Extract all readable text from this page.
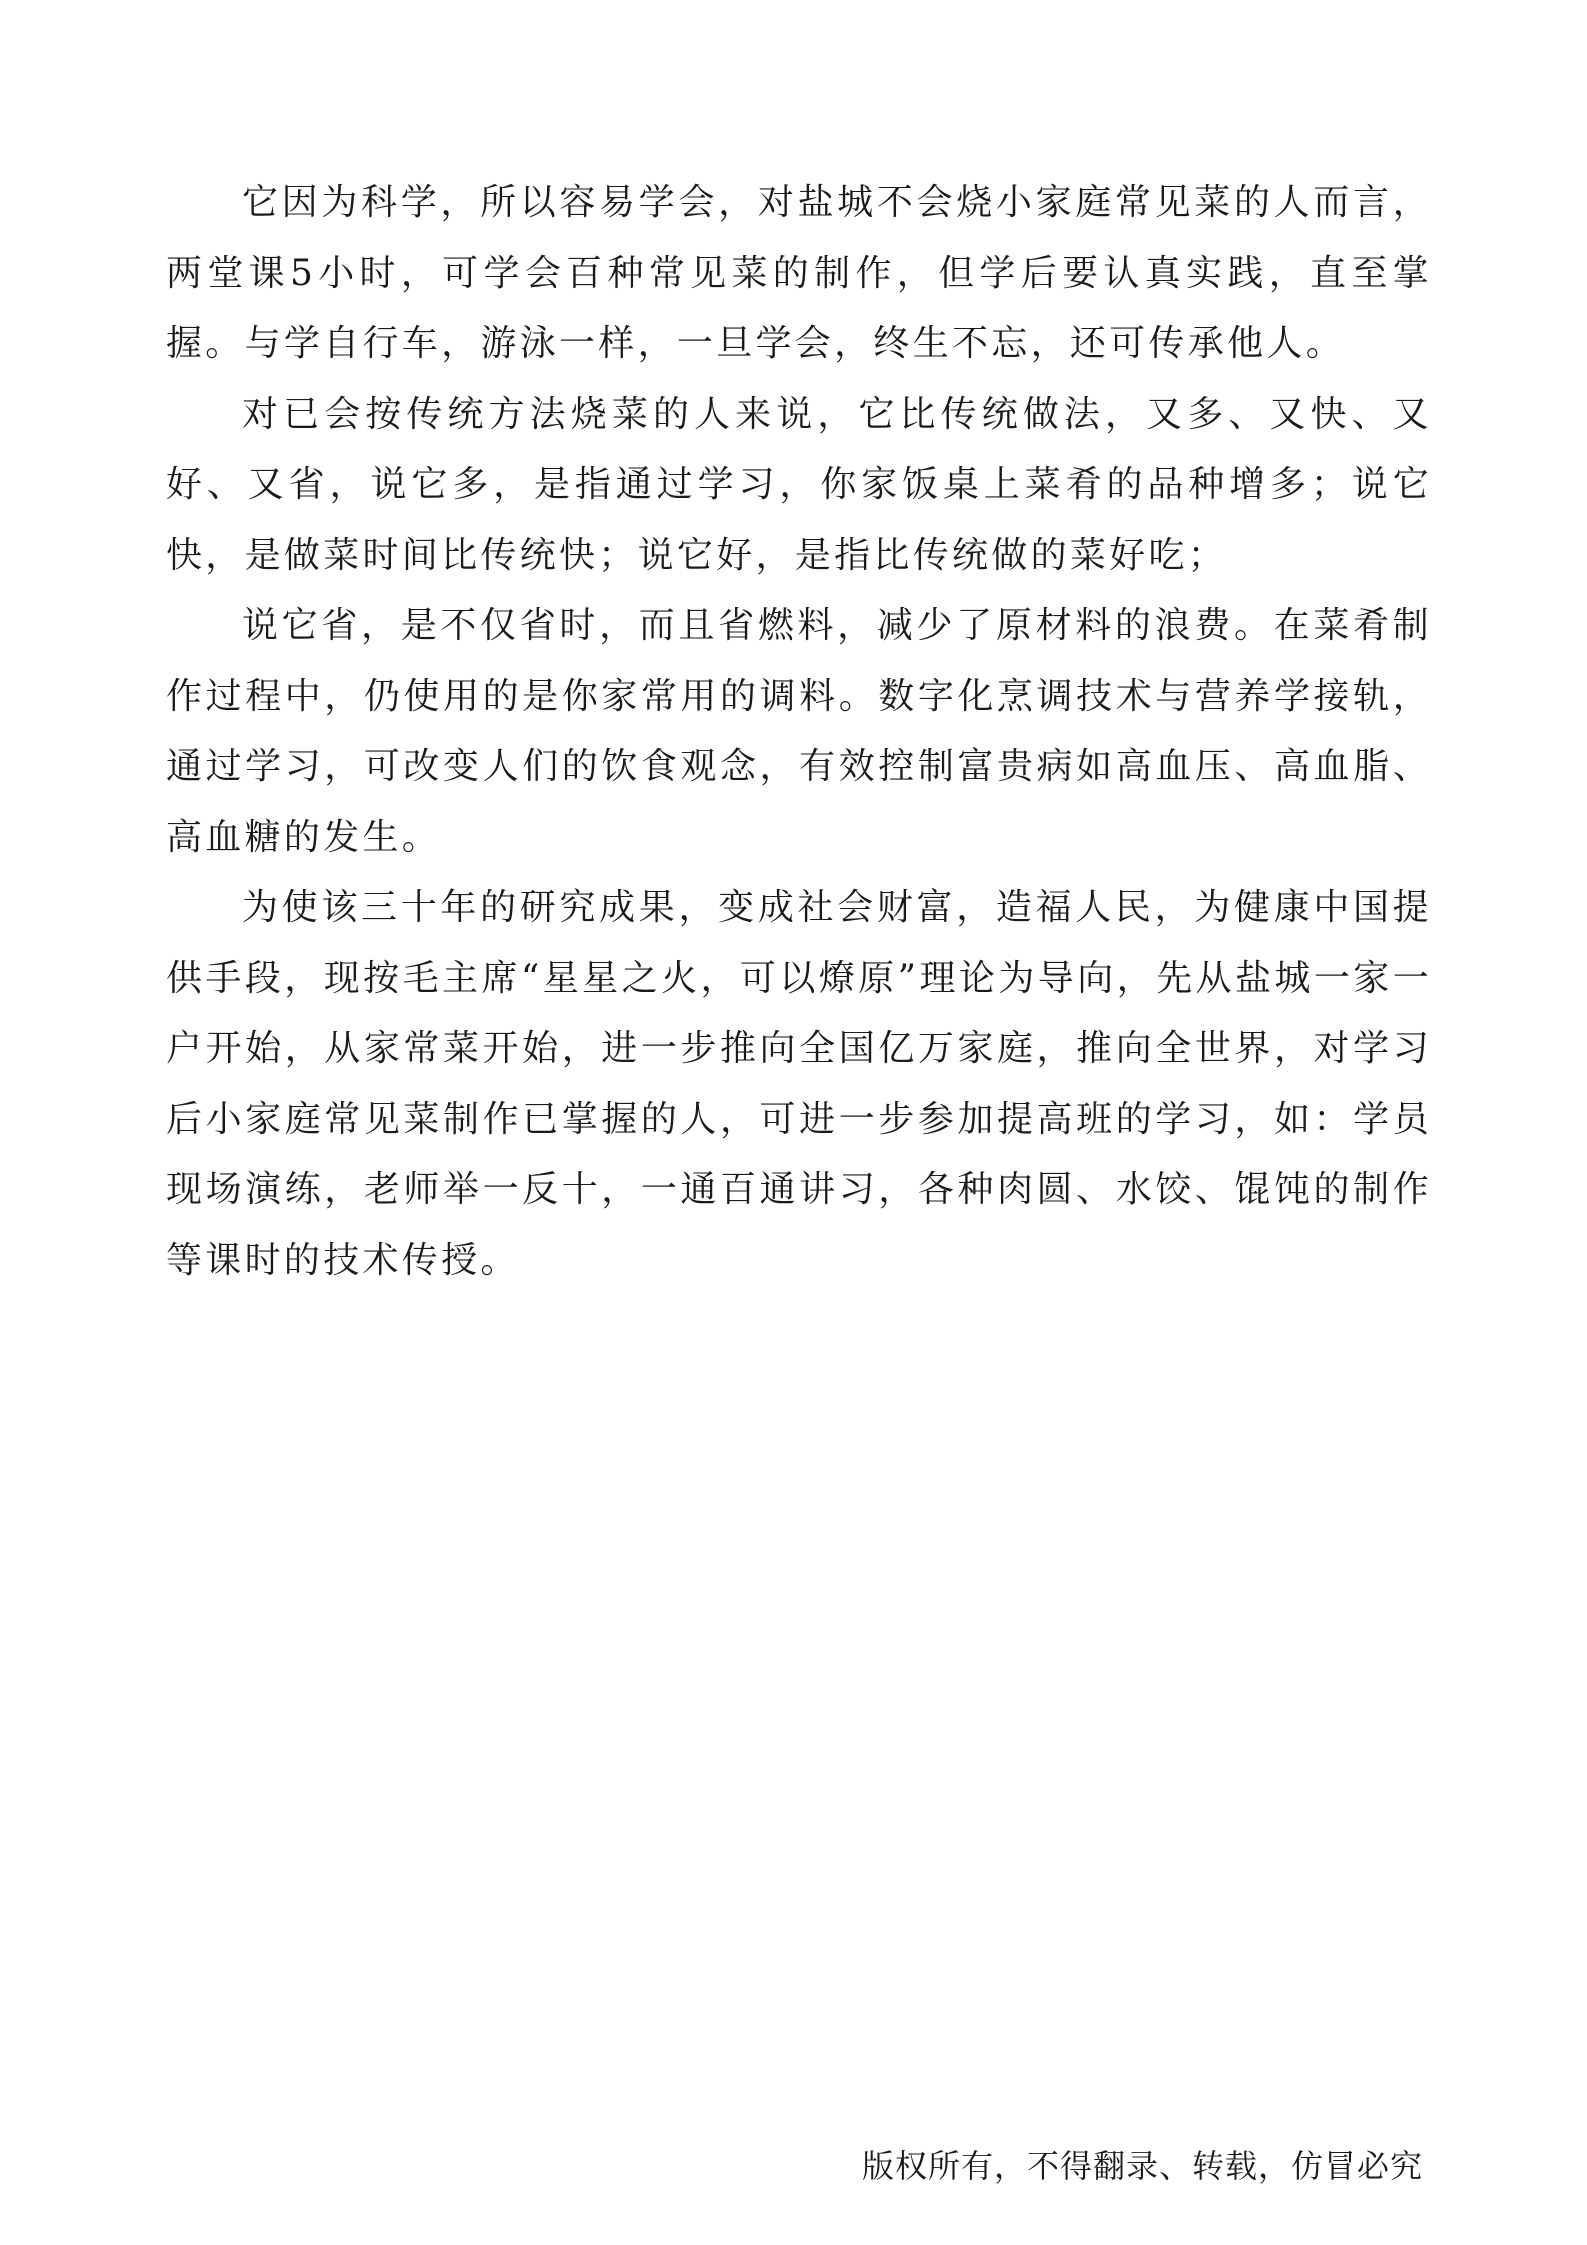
它因为科学，所以容易学会，对盐城不会烧小家庭常见菜的人而言，两堂课5小时，可学会百种常见菜的制作，但学后要认真实践，直至掌握。与学自行车，游泳一样，一旦学会，终生不忘，还可传承他人。

对已会按传统方法烧菜的人来说，它比传统做法，又多、又快、又好、又省，说它多，是指通过学习，你家饭桌上菜肴的品种增多；说它快，是做菜时间比传统快；说它好，是指比传统做的菜好吃；

说它省，是不仅省时，而且省燃料，减少了原材料的浪费。在菜肴制作过程中，仍使用的是你家常用的调料。数字化烹调技术与营养学接轨，通过学习，可改变人们的饮食观念，有效控制富贵病如高血压、高血脂、高血糖的发生。

为使该三十年的研究成果，变成社会财富，造福人民，为健康中国提供手段，现按毛主席“星星之火，可以燎原”理论为导向，先从盐城一家一户开始，从家常菜开始，进一步推向全国亿万家庭，推向全世界，对学习后小家庭常见菜制作已掌握的人，可进一步参加提高班的学习，如：学员现场演练，老师举一反十，一通百通讲习，各种肉圆、水饺、馄饨的制作等课时的技术传授。

版权所有，不得翻录、转载，仿冒必究
